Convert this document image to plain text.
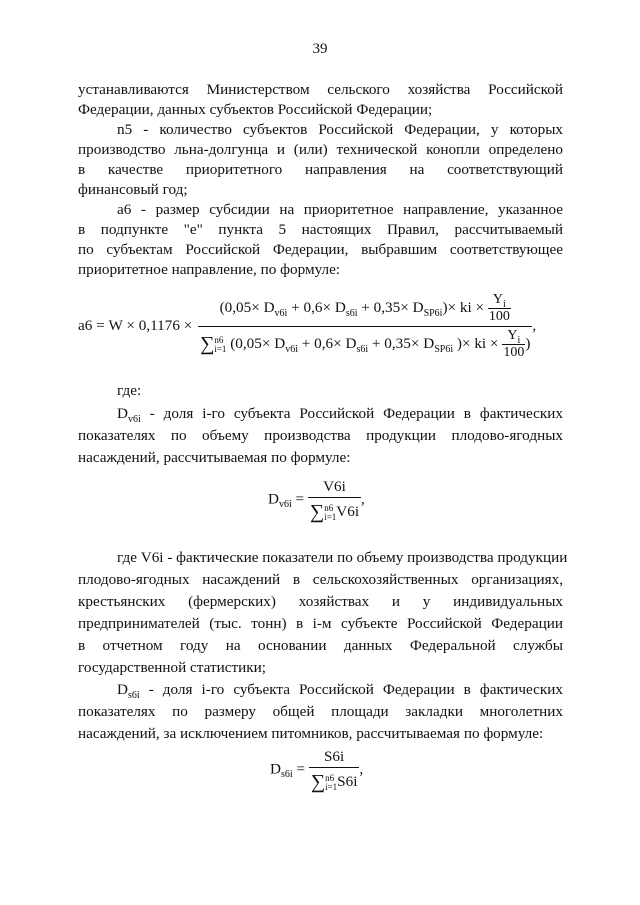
39
устанавливаются Министерством сельского хозяйства Российской
Федерации, данных субъектов Российской Федерации;
n5 - количество субъектов Российской Федерации, у которых
производство льна-долгунца и (или) технической конопли определено
в качестве приоритетного направления на соответствующий
финансовый год;
а6 - размер субсидии на приоритетное направление, указанное
в подпункте "е" пункта 5 настоящих Правил, рассчитываемый
по субъектам Российской Федерации, выбравшим соответствующее
приоритетное направление, по формуле:
а6 = W × 0,1176 ×
$(0,05\times D_{v6i} + 0,6\times D_{s6i} + 0,35\times D_{SP6i})\times$ ki × $\frac{Y_i}{100}$
∑n6
i=1 ($0,05\times D_{v6i} + 0,6\times D_{s6i} + 0,35\times D_{SP6i}$ )× ki × $\frac{Y_i}{100}$ )
,
где:
$D_{v6i}$ - доля i-го субъекта Российской Федерации в фактических
показателях по объему производства продукции плодово-ягодных
насаждений, рассчитываемая по формуле:
$D_{v6i}$ =
V6i
∑n6
i=1V6i
,
где V6i - фактические показатели по объему производства продукции
плодово-ягодных насаждений в сельскохозяйственных организациях,
крестьянских (фермерских) хозяйствах и у индивидуальных
предпринимателей (тыс. тонн) в i-м субъекте Российской Федерации
в отчетном году на основании данных Федеральной службы
государственной статистики;
$D_{s6i}$ - доля i-го субъекта Российской Федерации в фактических
показателях по размеру общей площади закладки многолетних
насаждений, за исключением питомников, рассчитываемая по формуле:
$D_{s6i}$ =
S6i
∑n6
i=1S6i
,
